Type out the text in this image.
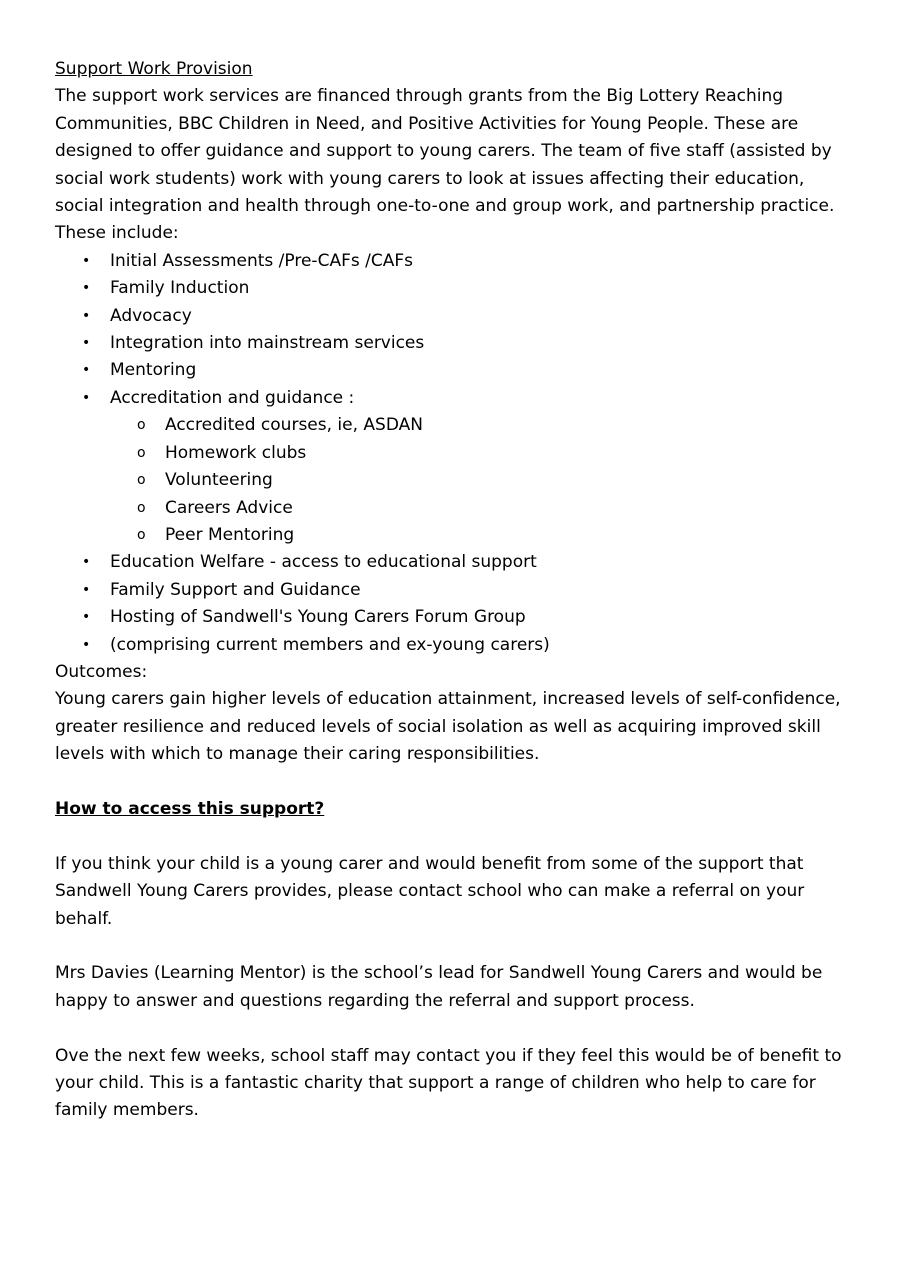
Support Work Provision

The support work services are financed through grants from the Big Lottery Reaching Communities, BBC Children in Need, and Positive Activities for Young People. These are designed to offer guidance and support to young carers. The team of five staff (assisted by social work students) work with young carers to look at issues affecting their education, social integration and health through one-to-one and group work, and partnership practice. These include:

• Initial Assessments /Pre-CAFs /CAFs
• Family Induction
• Advocacy
• Integration into mainstream services
• Mentoring
• Accreditation and guidance :
o Accredited courses, ie, ASDAN
o Homework clubs
o Volunteering
o Careers Advice
o Peer Mentoring
• Education Welfare - access to educational support
• Family Support and Guidance
• Hosting of Sandwell's Young Carers Forum Group
• (comprising current members and ex-young carers)

Outcomes:

Young carers gain higher levels of education attainment, increased levels of self-confidence, greater resilience and reduced levels of social isolation as well as acquiring improved skill levels with which to manage their caring responsibilities.

How to access this support?

If you think your child is a young carer and would benefit from some of the support that Sandwell Young Carers provides, please contact school who can make a referral on your behalf.

Mrs Davies (Learning Mentor) is the school’s lead for Sandwell Young Carers and would be happy to answer and questions regarding the referral and support process.

Ove the next few weeks, school staff may contact you if they feel this would be of benefit to your child. This is a fantastic charity that support a range of children who help to care for family members.
